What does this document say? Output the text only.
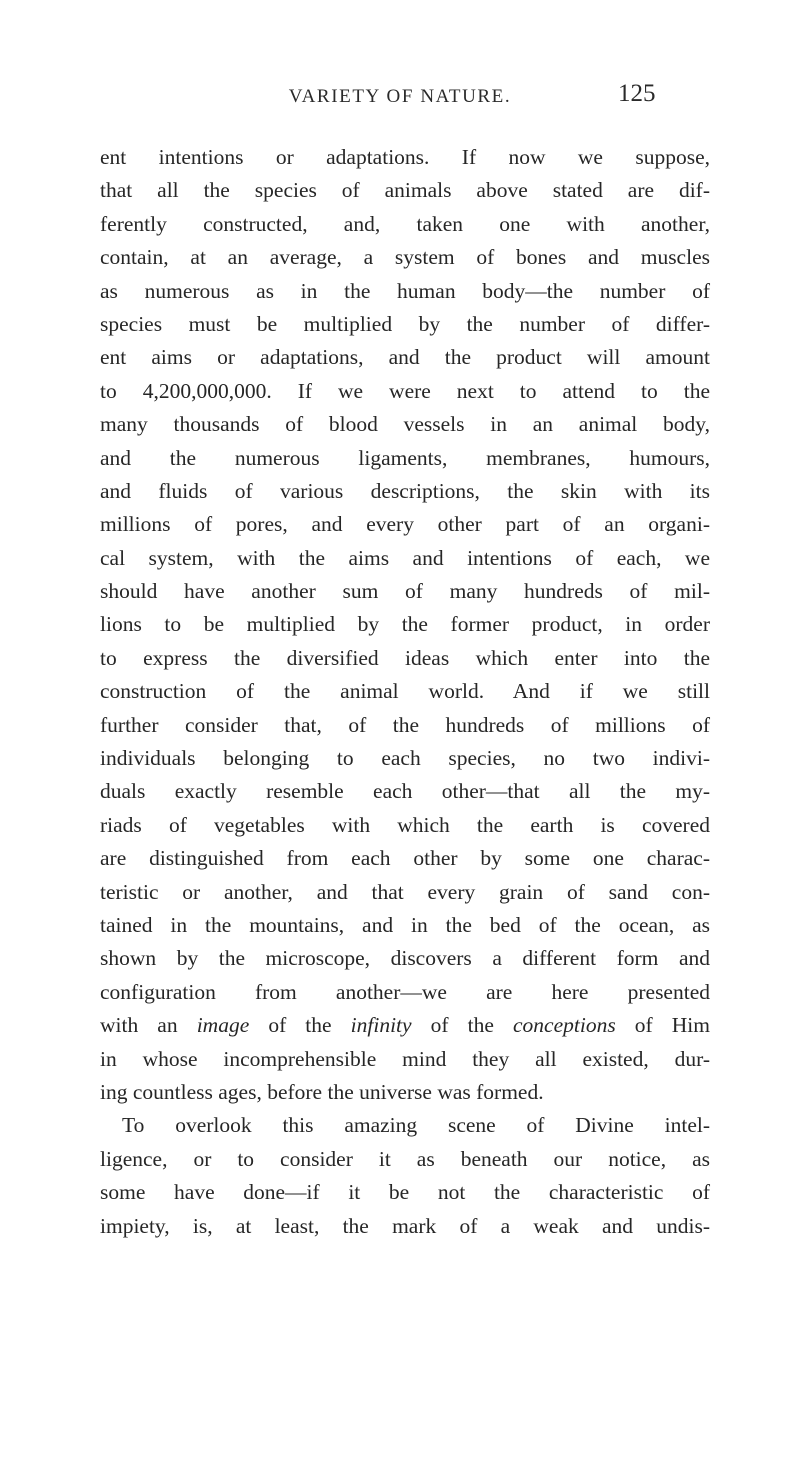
VARIETY OF NATURE.	125
ent intentions or adaptations. If now we suppose,
that all the species of animals above stated are dif-
ferently constructed, and, taken one with another,
contain, at an average, a system of bones and muscles
as numerous as in the human body—the number of
species must be multiplied by the number of differ-
ent aims or adaptations, and the product will amount
to 4,200,000,000. If we were next to attend to the
many thousands of blood vessels in an animal body,
and the numerous ligaments, membranes, humours,
and fluids of various descriptions, the skin with its
millions of pores, and every other part of an organi-
cal system, with the aims and intentions of each, we
should have another sum of many hundreds of mil-
lions to be multiplied by the former product, in order
to express the diversified ideas which enter into the
construction of the animal world. And if we still
further consider that, of the hundreds of millions of
individuals belonging to each species, no two indivi-
duals exactly resemble each other—that all the my-
riads of vegetables with which the earth is covered
are distinguished from each other by some one charac-
teristic or another, and that every grain of sand con-
tained in the mountains, and in the bed of the ocean, as
shown by the microscope, discovers a different form and
configuration from another—we are here presented
with an image of the infinity of the conceptions of Him
in whose incomprehensible mind they all existed, dur-
ing countless ages, before the universe was formed.
To overlook this amazing scene of Divine intel-
ligence, or to consider it as beneath our notice, as
some have done—if it be not the characteristic of
impiety, is, at least, the mark of a weak and undis-
